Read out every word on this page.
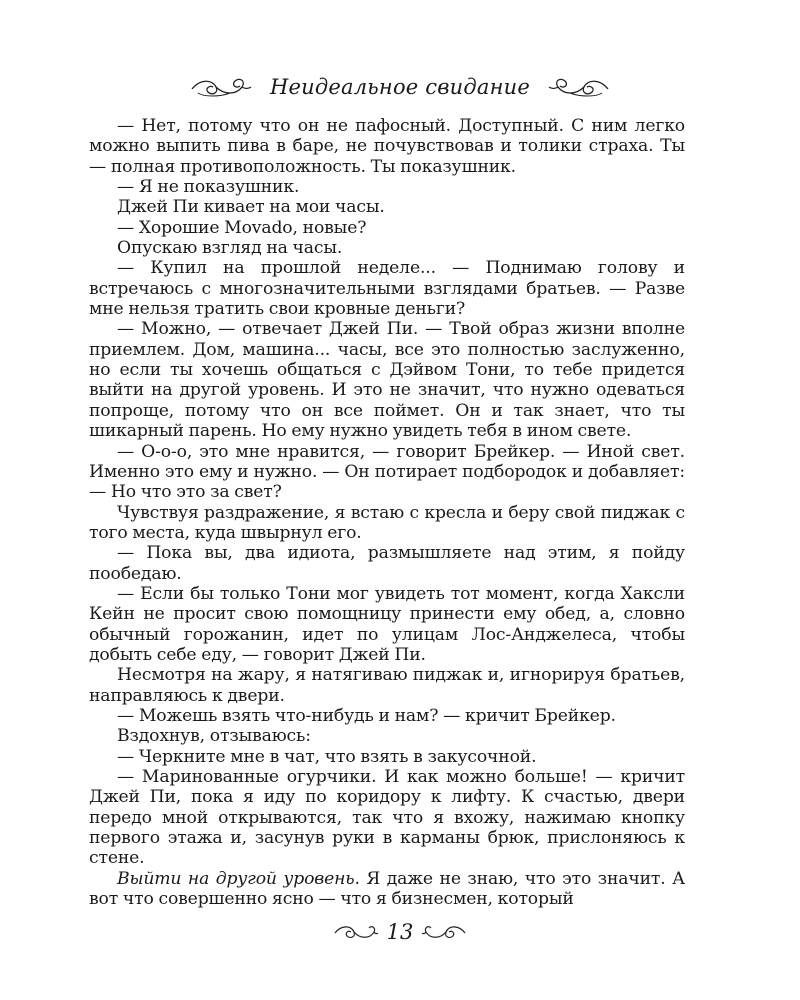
Неидеальное свидание

— Нет, потому что он не пафосный. Доступный. С ним легко можно выпить пива в баре, не почувствовав и толики страха. Ты — полная противоположность. Ты показушник.

— Я не показушник.

Джей Пи кивает на мои часы.

— Хорошие Movado, новые?

Опускаю взгляд на часы.

— Купил на прошлой неделе... — Поднимаю голову и встречаюсь с многозначительными взглядами братьев. — Разве мне нельзя тратить свои кровные деньги?

— Можно, — отвечает Джей Пи. — Твой образ жизни вполне приемлем. Дом, машина... часы, все это полностью заслуженно, но если ты хочешь общаться с Дэйвом Тони, то тебе придется выйти на другой уровень. И это не значит, что нужно одеваться попроще, потому что он все поймет. Он и так знает, что ты шикарный парень. Но ему нужно увидеть тебя в ином свете.

— О-о-о, это мне нравится, — говорит Брейкер. — Иной свет. Именно это ему и нужно. — Он потирает подбородок и добавляет: — Но что это за свет?

Чувствуя раздражение, я встаю с кресла и беру свой пиджак с того места, куда швырнул его.

— Пока вы, два идиота, размышляете над этим, я пойду пообедаю.

— Если бы только Тони мог увидеть тот момент, когда Хаксли Кейн не просит свою помощницу принести ему обед, а, словно обычный горожанин, идет по улицам Лос-Анджелеса, чтобы добыть себе еду, — говорит Джей Пи.

Несмотря на жару, я натягиваю пиджак и, игнорируя братьев, направляюсь к двери.

— Можешь взять что-нибудь и нам? — кричит Брейкер.

Вздохнув, отзываюсь:

— Черкните мне в чат, что взять в закусочной.

— Маринованные огурчики. И как можно больше! — кричит Джей Пи, пока я иду по коридору к лифту. К счастью, двери передо мной открываются, так что я вхожу, нажимаю кнопку первого этажа и, засунув руки в карманы брюк, прислоняюсь к стене.

Выйти на другой уровень. Я даже не знаю, что это значит. А вот что совершенно ясно — что я бизнесмен, который

13
